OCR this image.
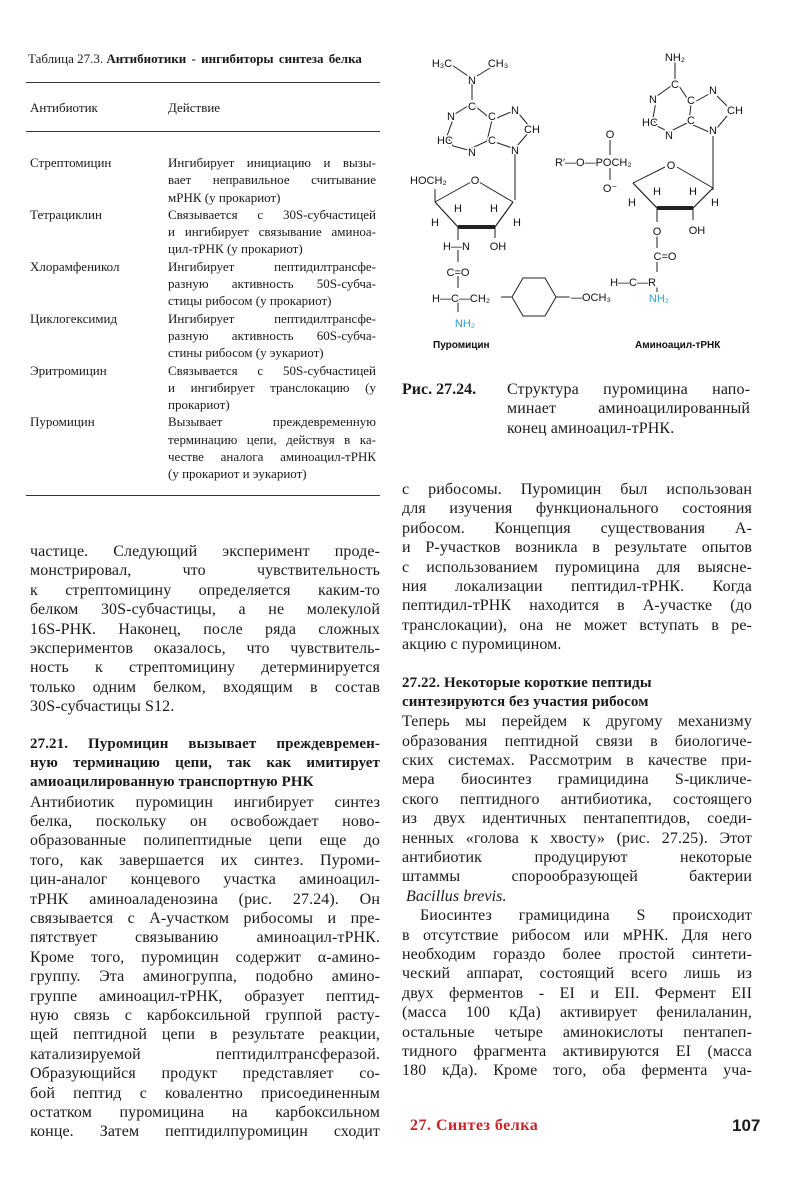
Таблица 27.3. Антибиотики - ингибиторы синтеза белка
Антибиотик	Действие
Стрептомицин	Ингибирует инициацию и вызы-
вает неправильное считывание
мРНК (у прокариот)
Тетрациклин	Связывается с 30S-субчастицей
и ингибирует связывание аминоа-
цил-тРНК (у прокариот)
Хлорамфеникол	Ингибирует пептидилтрансфе-
разную активность 50S-субча-
стицы рибосом (у прокариот)
Циклогексимид	Ингибирует пептидилтрансфе-
разную активность 60S-субча-
стины рибосом (у эукариот)
Эритромицин	Связывается с 50S-субчастицей
и ингибирует транслокацию (у
прокариот)
Пуромицин	Вызывает преждевременную
терминацию цепи, действуя в ка-
честве аналога аминоацил-тРНК
(у прокариот и эукариот)
H₃C	CH₃
N
C
N	C N
HC	C
CH
N	N
HOCH₂ O
H
H	H
H
H—N OH
C=O
H—C—CH₂
NH₂
—OCH₃
NH₂
C
N	C
N
CH
HC	C
N	N
O
R′—O—POCH₂
O⁻
O
H
H	H
H
O OH
C=O
H—C—R
NH₂
Пуромицин	Аминоацил-тРНК
Рис. 27.24. Структура пуромицина напо-
минает аминоацилированный
конец аминоацил-тРНК.
частице. Следующий эксперимент проде-
монстрировал, что чувствительность
к стрептомицину определяется каким-то
белком 30S-субчастицы, а не молекулой
16S-РНК. Наконец, после ряда сложных
экспериментов оказалось, что чувствитель-
ность к стрептомицину детерминируется
только одним белком, входящим в состав
30S-субчастицы S12.
27.21. Пуромицин вызывает преждевремен-
ную терминацию цепи, так как имитирует
амиоацилированную транспортную РНК
Антибиотик пуромицин ингибирует синтез
белка, поскольку он освобождает ново-
образованные полипептидные цепи еще до
того, как завершается их синтез. Пуроми-
цин-аналог концевого участка аминоацил-
тРНК аминоаладенозина (рис. 27.24). Он
связывается с А-участком рибосомы и пре-
пятствует связыванию аминоацил-тРНК.
Кроме того, пуромицин содержит α-амино-
группу. Эта аминогруппа, подобно амино-
группе аминоацил-тРНК, образует пептид-
ную связь с карбоксильной группой расту-
щей пептидной цепи в результате реакции,
катализируемой пептидилтрансферазой.
Образующийся продукт представляет со-
бой пептид с ковалентно присоединенным
остатком пуромицина на карбоксильном
конце. Затем пептидилпуромицин сходит
с рибосомы. Пуромицин был использован
для изучения функционального состояния
рибосом. Концепция существования А-
и Р-участков возникла в результате опытов
с использованием пуромицина для выясне-
ния локализации пептидил-тРНК. Когда
пептидил-тРНК находится в А-участке (до
транслокации), она не может вступать в ре-
акцию с пуромицином.
27.22. Некоторые короткие пептиды
синтезируются без участия рибосом
Теперь мы перейдем к другому механизму
образования пептидной связи в биологиче-
ских системах. Рассмотрим в качестве при-
мера биосинтез грамицидина S-цикличе-
ского пептидного антибиотика, состоящего
из двух идентичных пентапептидов, соеди-
ненных «голова к хвосту» (рис. 27.25). Этот
антибиотик продуцируют некоторые
штаммы спорообразующей бактерии
Bacillus brevis.
Биосинтез грамицидина S происходит
в отсутствие рибосом или мРНК. Для него
необходим гораздо более простой синтети-
ческий аппарат, состоящий всего лишь из
двух ферментов - EI и EII. Фермент EII
(масса 100 кДа) активирует фенилаланин,
остальные четыре аминокислоты пентапеп-
тидного фрагмента активируются EI (масса
180 кДа). Кроме того, оба фермента уча-
27. Синтез белка	107
